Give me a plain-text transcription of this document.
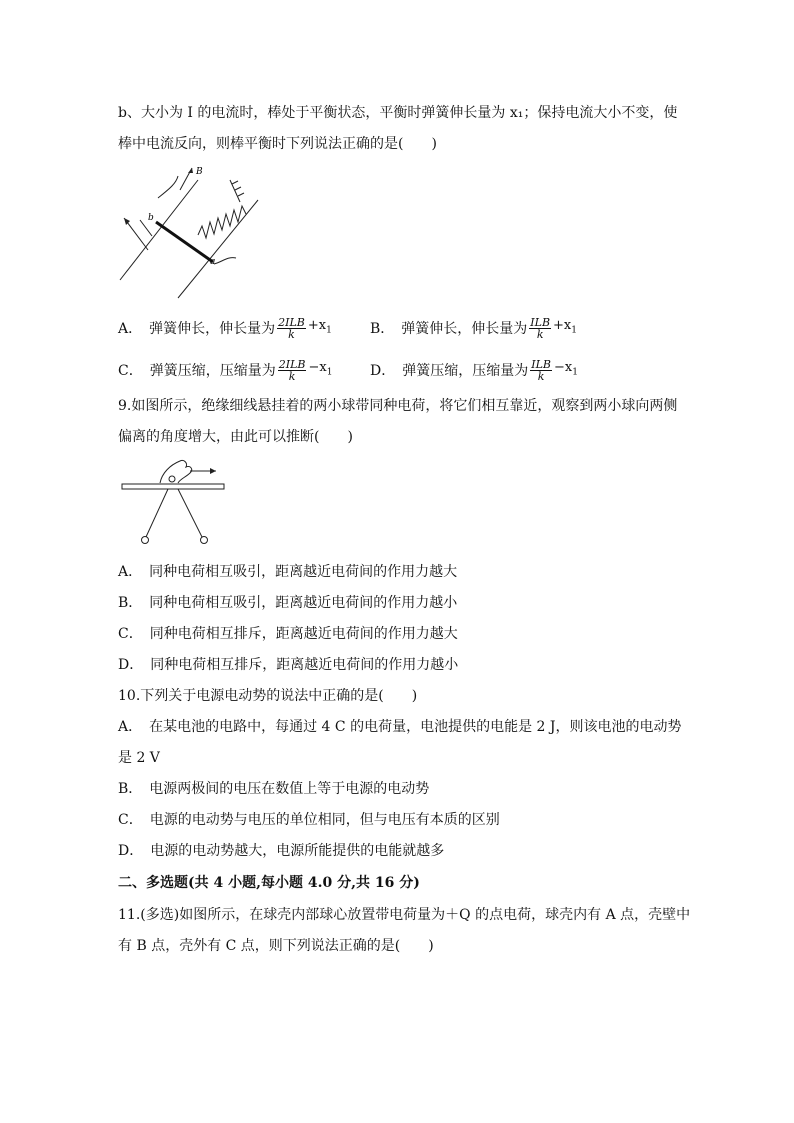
b、大小为 I 的电流时，棒处于平衡状态，平衡时弹簧伸长量为 x₁；保持电流大小不变，使
棒中电流反向，则棒平衡时下列说法正确的是(　　)
B
b
a
A．　弹簧伸长，伸长量为 $\frac{\text{2ILB}}{k} +x_1$	B．　弹簧伸长，伸长量为 $\frac{\text{ILB}}{k} +x_1$
C．　弹簧压缩，压缩量为 $\frac{\text{2ILB}}{k} -x_1$	D．　弹簧压缩，压缩量为 $\frac{\text{ILB}}{k} -x_1$
9.如图所示，绝缘细线悬挂着的两小球带同种电荷，将它们相互靠近，观察到两小球向两侧
偏离的角度增大，由此可以推断(　　)
A．　同种电荷相互吸引，距离越近电荷间的作用力越大
B．　同种电荷相互吸引，距离越近电荷间的作用力越小
C．　同种电荷相互排斥，距离越近电荷间的作用力越大
D．　同种电荷相互排斥，距离越近电荷间的作用力越小
10.下列关于电源电动势的说法中正确的是(　　)
A．　在某电池的电路中，每通过 4 C 的电荷量，电池提供的电能是 2 J，则该电池的电动势
是 2 V
B．　电源两极间的电压在数值上等于电源的电动势
C．　电源的电动势与电压的单位相同，但与电压有本质的区别
D．　电源的电动势越大，电源所能提供的电能就越多
二、多选题(共 4 小题,每小题 4.0 分,共 16 分)
11.(多选)如图所示，在球壳内部球心放置带电荷量为＋Q 的点电荷，球壳内有 A 点，壳壁中
有 B 点，壳外有 C 点，则下列说法正确的是(　　)
